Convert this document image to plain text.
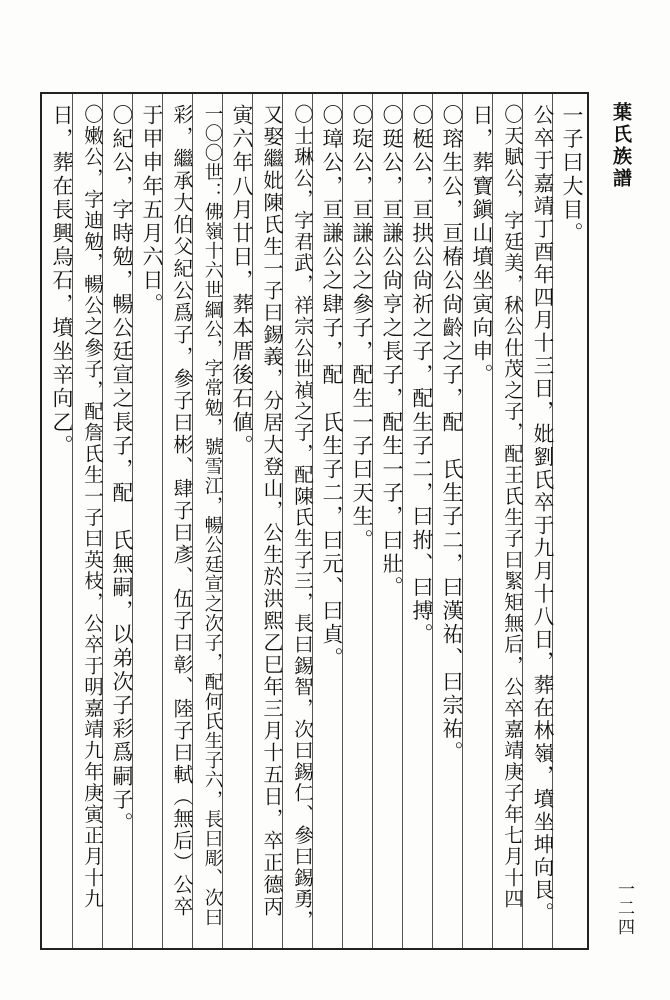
葉氏族譜
一子曰大目。
公卒于嘉靖丁酉年四月十三日，妣劉氏卒于九月十八日，葬在林嶺，墳坐坤向艮。
〇天賦公，字廷美，秫公仕茂之子，配王氏生子曰緊矩無后，公卒嘉靖庚子年七月十四
日，葬寶鎭山墳坐寅向申。
〇瑢生公，亘椿公尙齡之子，配　氏生子二，曰漢祐、曰宗祐。
〇梃公，亘拱公尙祈之子，配生子二，曰拊、曰搏。
〇珽公，亘謙公尙亨之長子，配生一子，曰壯。
〇琁公，亘謙公之參子，配生一子曰天生。
〇璋公，亘謙公之肆子，配　氏生子二，曰元、曰貞。
〇士琳公，字君武，祥宗公世禎之子，配陳氏生子三，長曰錫智，次曰錫仁、參曰錫勇，
又娶繼妣陳氏生一子曰錫義，分居大登山，公生於洪熙乙巳年三月十五日，卒正德丙
寅六年八月廿日，葬本厝後石値。
一〇〇世：佛嶺十六世綱公，字常勉，號雪江，暢公廷宣之次子，配何氏生子六，長曰彫、次曰
彩，繼承大伯父紀公爲子，參子曰彬、肆子曰彥、伍子曰彰、陸子曰軾（無后）公卒
于甲申年五月六日。
〇紀公，字時勉，暢公廷宣之長子，配　氏無嗣，以弟次子彩爲嗣子。
〇嫩公，字迪勉，暢公之參子，配詹氏生一子曰英枝，公卒于明嘉靖九年庚寅正月十九
日，葬在長興烏石，墳坐辛向乙。
一二四
